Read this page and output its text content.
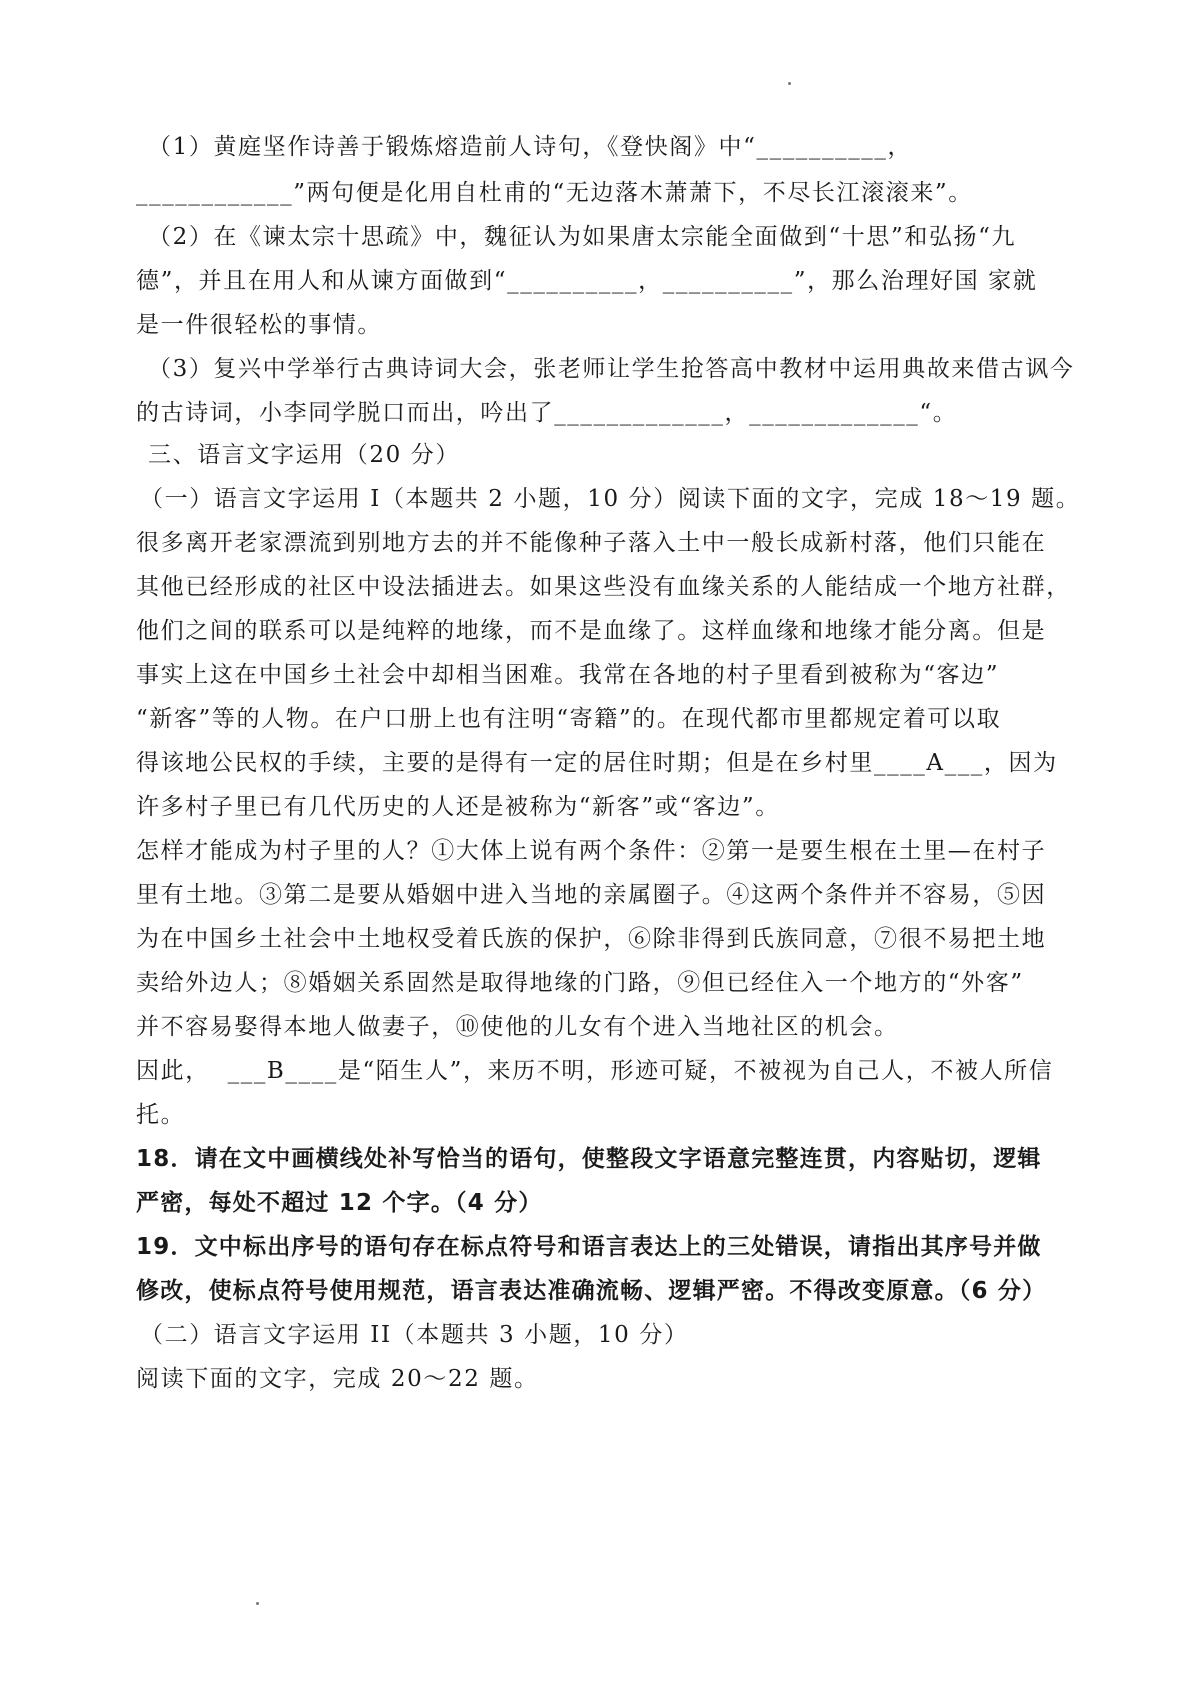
（1）黄庭坚作诗善于锻炼熔造前人诗句，《登快阁》中“__________，
____________”两句便是化用自杜甫的“无边落木萧萧下，不尽长江滚滚来”。
（2）在《谏太宗十思疏》中，魏征认为如果唐太宗能全面做到“十思”和弘扬“九
德”，并且在用人和从谏方面做到“__________，__________”，那么治理好国 家就
是一件很轻松的事情。
（3）复兴中学举行古典诗词大会，张老师让学生抢答高中教材中运用典故来借古讽今
的古诗词，小李同学脱口而出，吟出了_____________，_____________“。
三、语言文字运用（20 分）
（一）语言文字运用 I（本题共 2 小题，10 分）阅读下面的文字，完成 18～19 题。
很多离开老家漂流到别地方去的并不能像种子落入土中一般长成新村落，他们只能在
其他已经形成的社区中设法插进去。如果这些没有血缘关系的人能结成一个地方社群，
他们之间的联系可以是纯粹的地缘，而不是血缘了。这样血缘和地缘才能分离。但是
事实上这在中国乡土社会中却相当困难。我常在各地的村子里看到被称为“客边”
“新客”等的人物。在户口册上也有注明“寄籍”的。在现代都市里都规定着可以取
得该地公民权的手续，主要的是得有一定的居住时期；但是在乡村里____A___，因为
许多村子里已有几代历史的人还是被称为“新客”或“客边”。
怎样才能成为村子里的人？①大体上说有两个条件：②第一是要生根在土里—在村子
里有土地。③第二是要从婚姻中进入当地的亲属圈子。④这两个条件并不容易，⑤因
为在中国乡土社会中土地权受着氏族的保护，⑥除非得到氏族同意，⑦很不易把土地
卖给外边人；⑧婚姻关系固然是取得地缘的门路，⑨但已经住入一个地方的“外客”
并不容易娶得本地人做妻子，⑩使他的儿女有个进入当地社区的机会。
因此，  ___B____是“陌生人”，来历不明，形迹可疑，不被视为自己人，不被人所信
托。
18．请在文中画横线处补写恰当的语句，使整段文字语意完整连贯，内容贴切，逻辑
严密，每处不超过 12 个字。（4 分）
19．文中标出序号的语句存在标点符号和语言表达上的三处错误，请指出其序号并做
修改，使标点符号使用规范，语言表达准确流畅、逻辑严密。不得改变原意。（6 分）
（二）语言文字运用 II（本题共 3 小题，10 分）
阅读下面的文字，完成 20～22 题。
